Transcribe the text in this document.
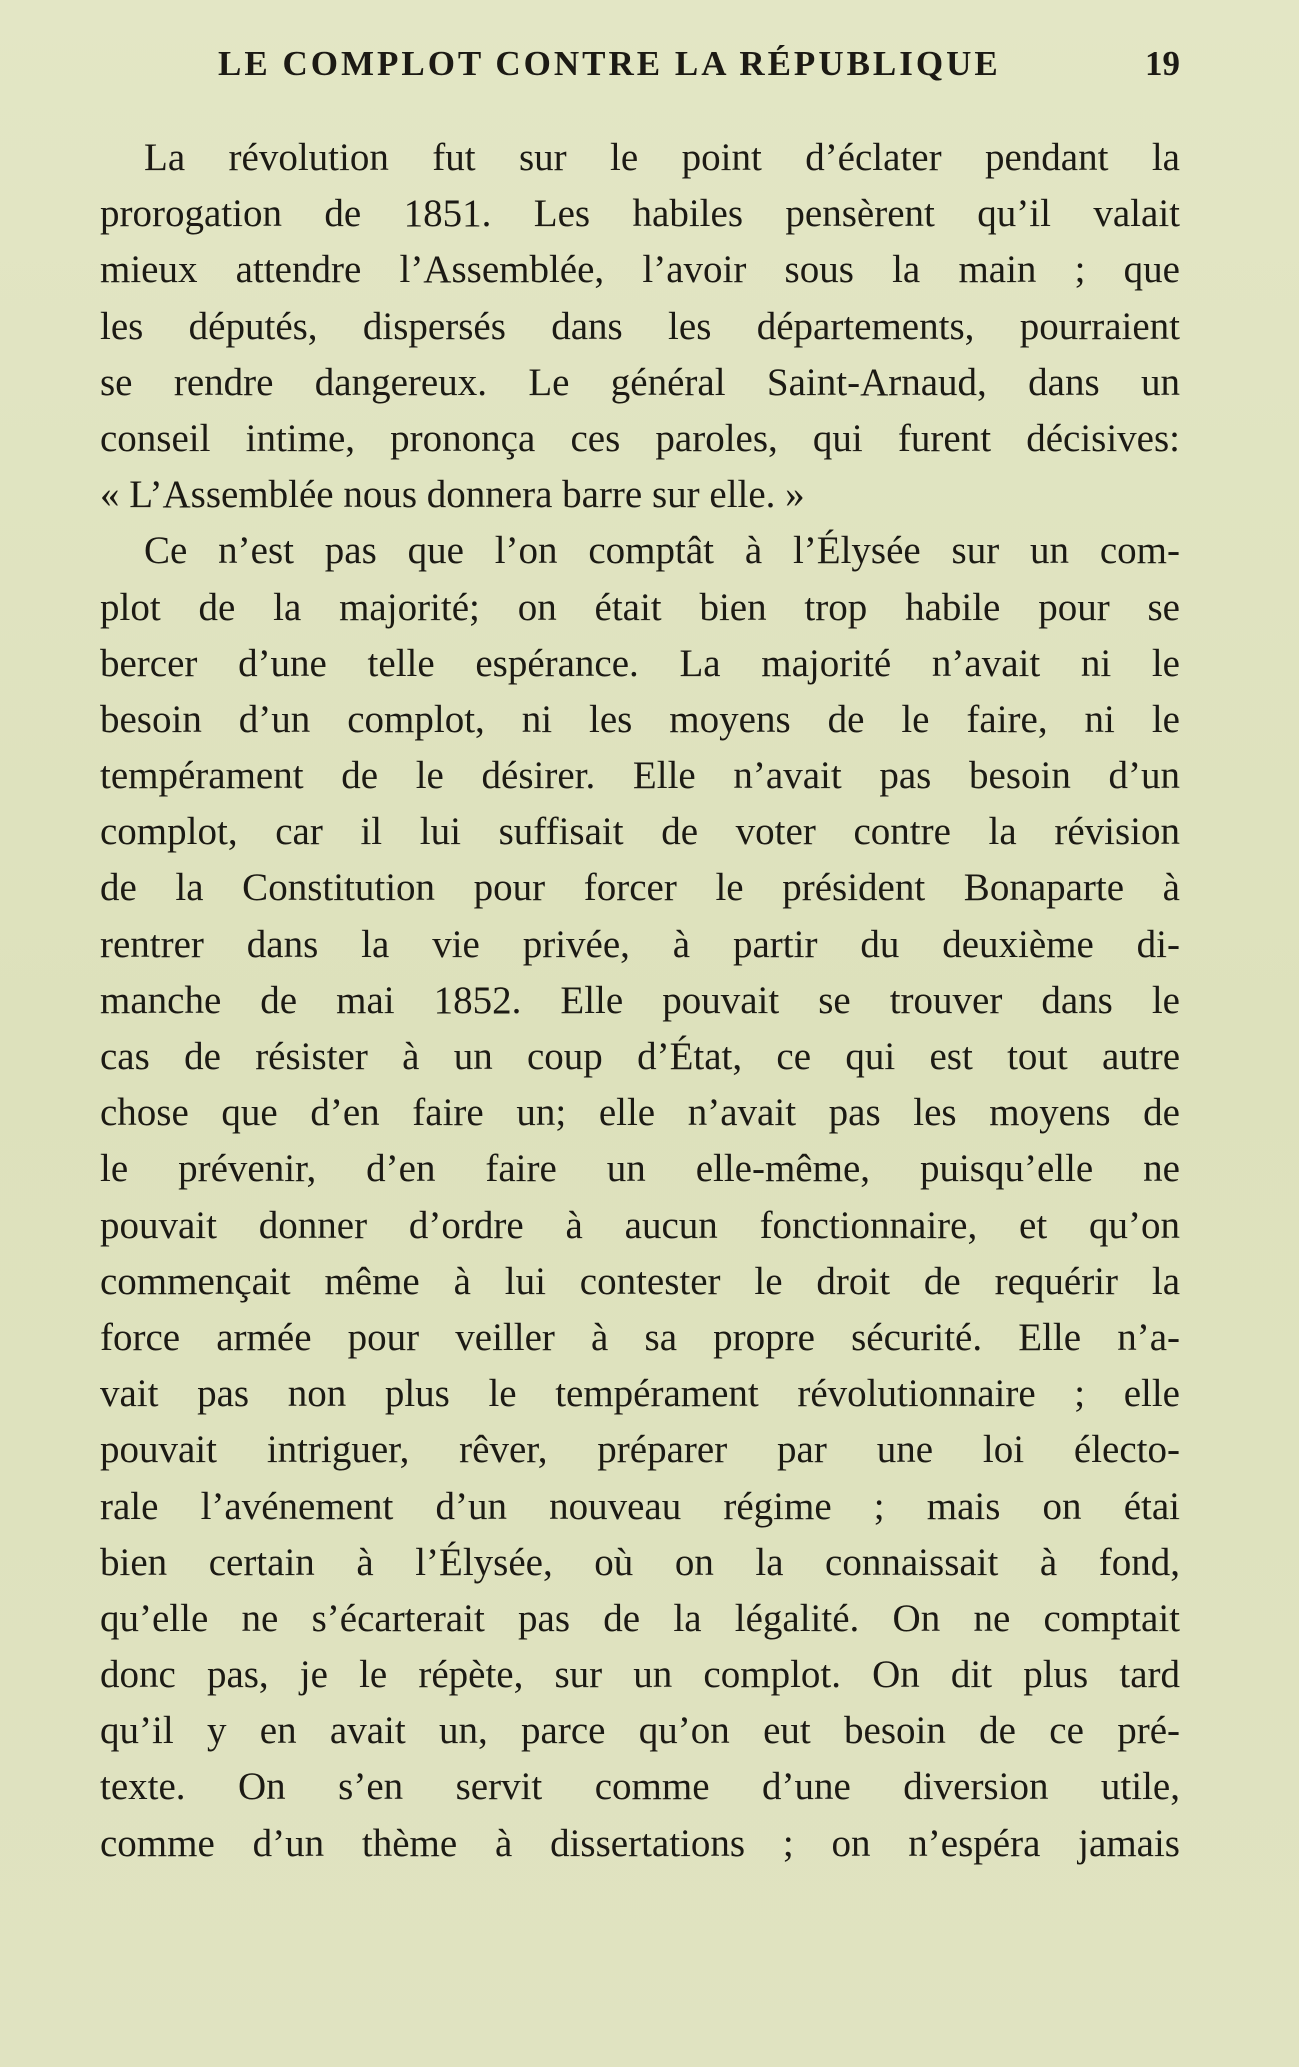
LE COMPLOT CONTRE LA RÉPUBLIQUE	19
La révolution fut sur le point d’éclater pendant la
prorogation de 1851. Les habiles pensèrent qu’il valait
mieux attendre l’Assemblée, l’avoir sous la main ; que
les députés, dispersés dans les départements, pourraient
se rendre dangereux. Le général Saint-Arnaud, dans un
conseil intime, prononça ces paroles, qui furent décisives:
« L’Assemblée nous donnera barre sur elle. »
Ce n’est pas que l’on comptât à l’Élysée sur un com-
plot de la majorité; on était bien trop habile pour se
bercer d’une telle espérance. La majorité n’avait ni le
besoin d’un complot, ni les moyens de le faire, ni le
tempérament de le désirer. Elle n’avait pas besoin d’un
complot, car il lui suffisait de voter contre la révision
de la Constitution pour forcer le président Bonaparte à
rentrer dans la vie privée, à partir du deuxième di-
manche de mai 1852. Elle pouvait se trouver dans le
cas de résister à un coup d’État, ce qui est tout autre
chose que d’en faire un; elle n’avait pas les moyens de
le prévenir, d’en faire un elle-même, puisqu’elle ne
pouvait donner d’ordre à aucun fonctionnaire, et qu’on
commençait même à lui contester le droit de requérir la
force armée pour veiller à sa propre sécurité. Elle n’a-
vait pas non plus le tempérament révolutionnaire ; elle
pouvait intriguer, rêver, préparer par une loi électo-
rale l’avénement d’un nouveau régime ; mais on étai
bien certain à l’Élysée, où on la connaissait à fond,
qu’elle ne s’écarterait pas de la légalité. On ne comptait
donc pas, je le répète, sur un complot. On dit plus tard
qu’il y en avait un, parce qu’on eut besoin de ce pré-
texte. On s’en servit comme d’une diversion utile,
comme d’un thème à dissertations ; on n’espéra jamais
